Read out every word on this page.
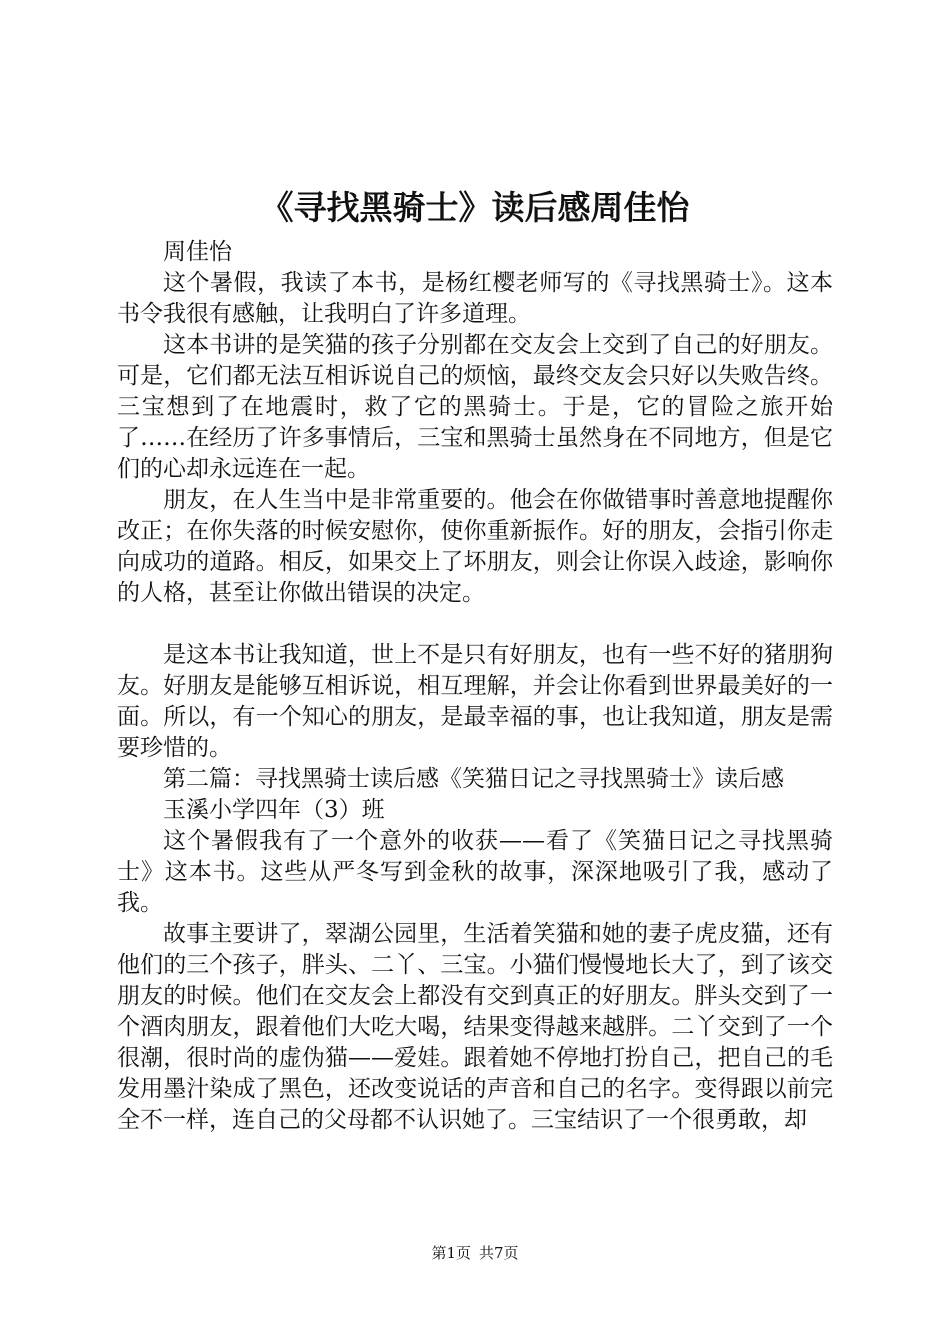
《寻找黑骑士》读后感周佳怡

周佳怡

这个暑假，我读了本书，是杨红樱老师写的《寻找黑骑士》。这本书令我很有感触，让我明白了许多道理。

这本书讲的是笑猫的孩子分别都在交友会上交到了自己的好朋友。可是，它们都无法互相诉说自己的烦恼，最终交友会只好以失败告终。三宝想到了在地震时，救了它的黑骑士。于是，它的冒险之旅开始了……在经历了许多事情后，三宝和黑骑士虽然身在不同地方，但是它们的心却永远连在一起。

朋友，在人生当中是非常重要的。他会在你做错事时善意地提醒你改正；在你失落的时候安慰你，使你重新振作。好的朋友，会指引你走向成功的道路。相反，如果交上了坏朋友，则会让你误入歧途，影响你的人格，甚至让你做出错误的决定。

是这本书让我知道，世上不是只有好朋友，也有一些不好的猪朋狗友。好朋友是能够互相诉说，相互理解，并会让你看到世界最美好的一面。所以，有一个知心的朋友，是最幸福的事，也让我知道，朋友是需要珍惜的。

第二篇：寻找黑骑士读后感《笑猫日记之寻找黑骑士》读后感

玉溪小学四年（3）班

这个暑假我有了一个意外的收获——看了《笑猫日记之寻找黑骑士》这本书。这些从严冬写到金秋的故事，深深地吸引了我，感动了我。

故事主要讲了，翠湖公园里，生活着笑猫和她的妻子虎皮猫，还有他们的三个孩子，胖头、二丫、三宝。小猫们慢慢地长大了，到了该交朋友的时候。他们在交友会上都没有交到真正的好朋友。胖头交到了一个酒肉朋友，跟着他们大吃大喝，结果变得越来越胖。二丫交到了一个很潮，很时尚的虚伪猫——爱娃。跟着她不停地打扮自己，把自己的毛发用墨汁染成了黑色，还改变说话的声音和自己的名字。变得跟以前完全不一样，连自己的父母都不认识她了。三宝结识了一个很勇敢，却

第1页 共7页
